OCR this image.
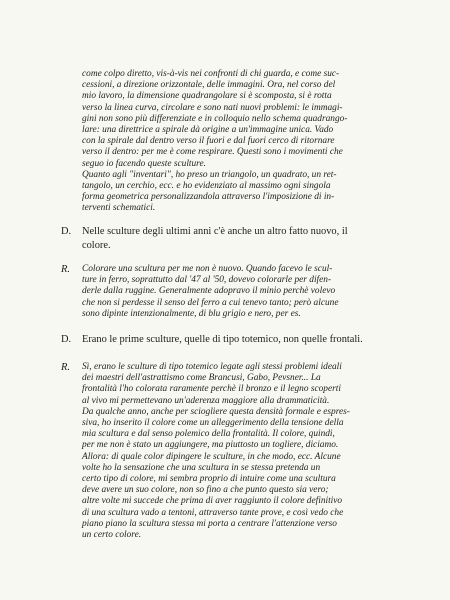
come colpo diretto, vis-à-vis nei confronti di chi guarda, e come suc-
cessioni, a direzione orizzontale, delle immagini. Ora, nel corso del
mio lavoro, la dimensione quadrangolare si è scomposta, si è rotta
verso la linea curva, circolare e sono nati nuovi problemi: le immagi-
gini non sono più differenziate e in colloquio nello schema quadrango-
lare: una direttrice a spirale dà origine a un'immagine unica. Vado
con la spirale dal dentro verso il fuori e dal fuori cerco di ritornare
verso il dentro: per me è come respirare. Questi sono i movimenti che
seguo io facendo queste sculture.
Quanto agli "inventari", ho preso un triangolo, un quadrato, un ret-
tangolo, un cerchio, ecc. e ho evidenziato al massimo ogni singola
forma geometrica personalizzandola attraverso l'imposizione di in-
terventi schematici.
D. Nelle sculture degli ultimi anni c'è anche un altro fatto nuovo, il
colore.
R. Colorare una scultura per me non è nuovo. Quando facevo le scul-
ture in ferro, soprattutto dal '47 al '50, dovevo colorarle per difen-
derle dalla ruggine. Generalmente adopravo il minio perchè volevo
che non si perdesse il senso del ferro a cui tenevo tanto; però alcune
sono dipinte intenzionalmente, di blu grigio e nero, per es.
D. Erano le prime sculture, quelle di tipo totemico, non quelle frontali.
R. Sì, erano le sculture di tipo totemico legate agli stessi problemi ideali
dei maestri dell'astrattismo come Brancusi, Gabo, Pevsner... La
frontalità l'ho colorata raramente perchè il bronzo e il legno scoperti
al vivo mi permettevano un'aderenza maggiore alla drammaticità.
Da qualche anno, anche per sciogliere questa densità formale e espres-
siva, ho inserito il colore come un alleggerimento della tensione della
mia scultura e dal senso polemico della frontalità. Il colore, quindi,
per me non è stato un aggiungere, ma piuttosto un togliere, diciamo.
Allora: di quale color dipingere le sculture, in che modo, ecc. Alcune
volte ho la sensazione che una scultura in se stessa pretenda un
certo tipo di colore, mi sembra proprio di intuire come una scultura
deve avere un suo colore, non so fino a che punto questo sia vero;
altre volte mi succede che prima di aver raggiunto il colore definitivo
di una scultura vado a tentoni, attraverso tante prove, e così vedo che
piano piano la scultura stessa mi porta a centrare l'attenzione verso
un certo colore.
